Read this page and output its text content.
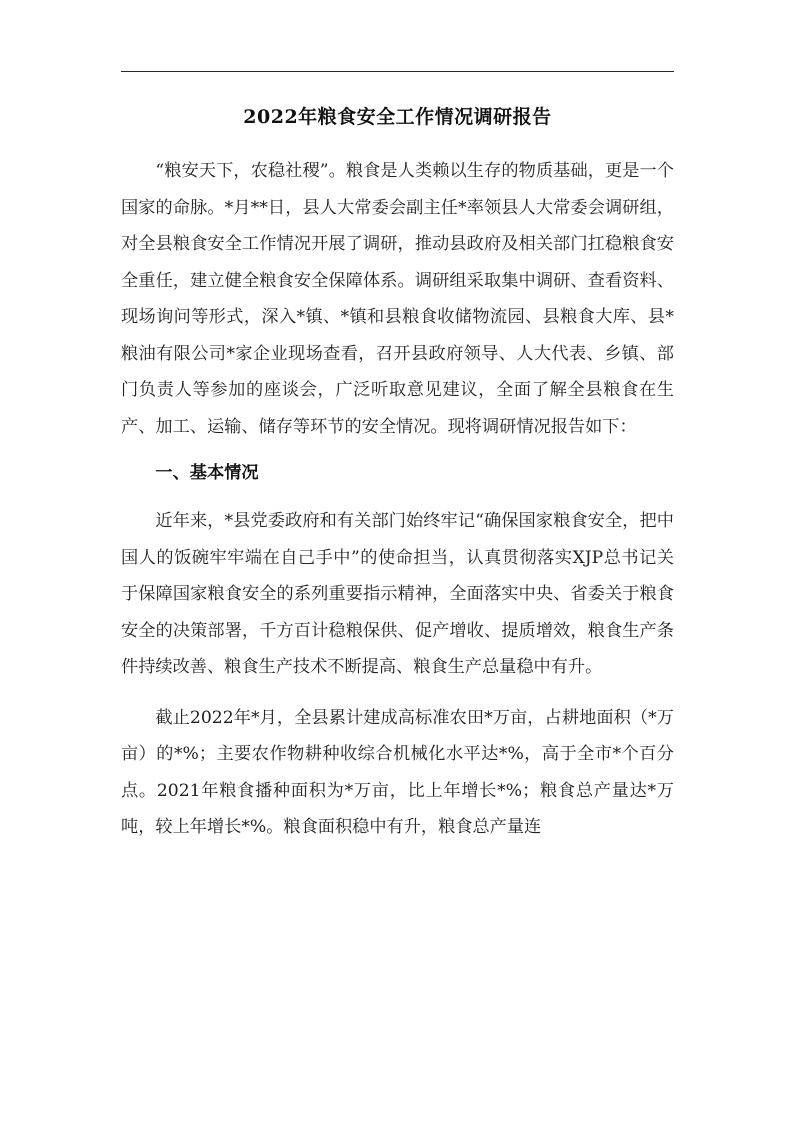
2022年粮食安全工作情况调研报告

“粮安天下，农稳社稷”。粮食是人类赖以生存的物质基础，更是一个国家的命脉。*月**日，县人大常委会副主任*率领县人大常委会调研组，对全县粮食安全工作情况开展了调研，推动县政府及相关部门扛稳粮食安全重任，建立健全粮食安全保障体系。调研组采取集中调研、查看资料、现场询问等形式，深入*镇、*镇和县粮食收储物流园、县粮食大库、县*粮油有限公司*家企业现场查看，召开县政府领导、人大代表、乡镇、部门负责人等参加的座谈会，广泛听取意见建议，全面了解全县粮食在生产、加工、运输、储存等环节的安全情况。现将调研情况报告如下：

一、基本情况

近年来，*县党委政府和有关部门始终牢记“确保国家粮食安全，把中国人的饭碗牢牢端在自己手中”的使命担当，认真贯彻落实XJP总书记关于保障国家粮食安全的系列重要指示精神，全面落实中央、省委关于粮食安全的决策部署，千方百计稳粮保供、促产增收、提质增效，粮食生产条件持续改善、粮食生产技术不断提高、粮食生产总量稳中有升。

截止2022年*月，全县累计建成高标准农田*万亩，占耕地面积（*万亩）的*%；主要农作物耕种收综合机械化水平达*%，高于全市*个百分点。2021年粮食播种面积为*万亩，比上年增长*%；粮食总产量达*万吨，较上年增长*%。粮食面积稳中有升，粮食总产量连
